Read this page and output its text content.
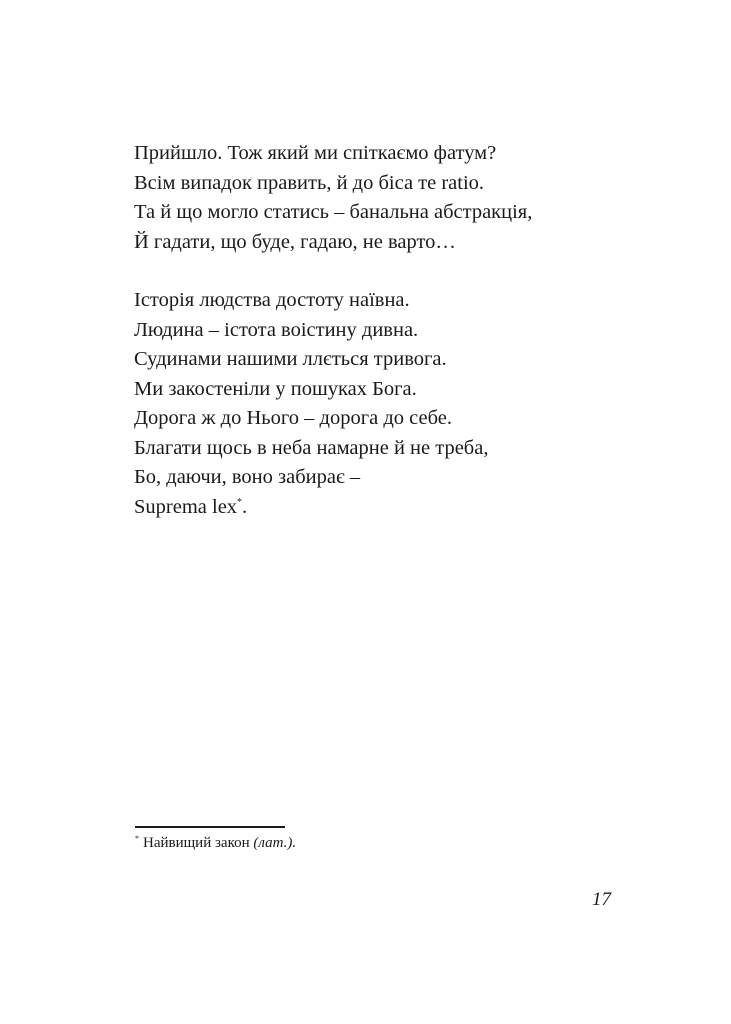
Прийшло. Тож який ми спіткаємо фатум?
Всім випадок править, й до біса те ratio.
Та й що могло статись – банальна абстракція,
Й гадати, що буде, гадаю, не варто…

Історія людства достоту наївна.
Людина – істота воістину дивна.
Судинами нашими ллється тривога.
Ми закостеніли у пошуках Бога.
Дорога ж до Нього – дорога до себе.
Благати щось в неба намарне й не треба,
Бо, даючи, воно забирає –
Suprema lex*.

* Найвищий закон (лат.).
17
